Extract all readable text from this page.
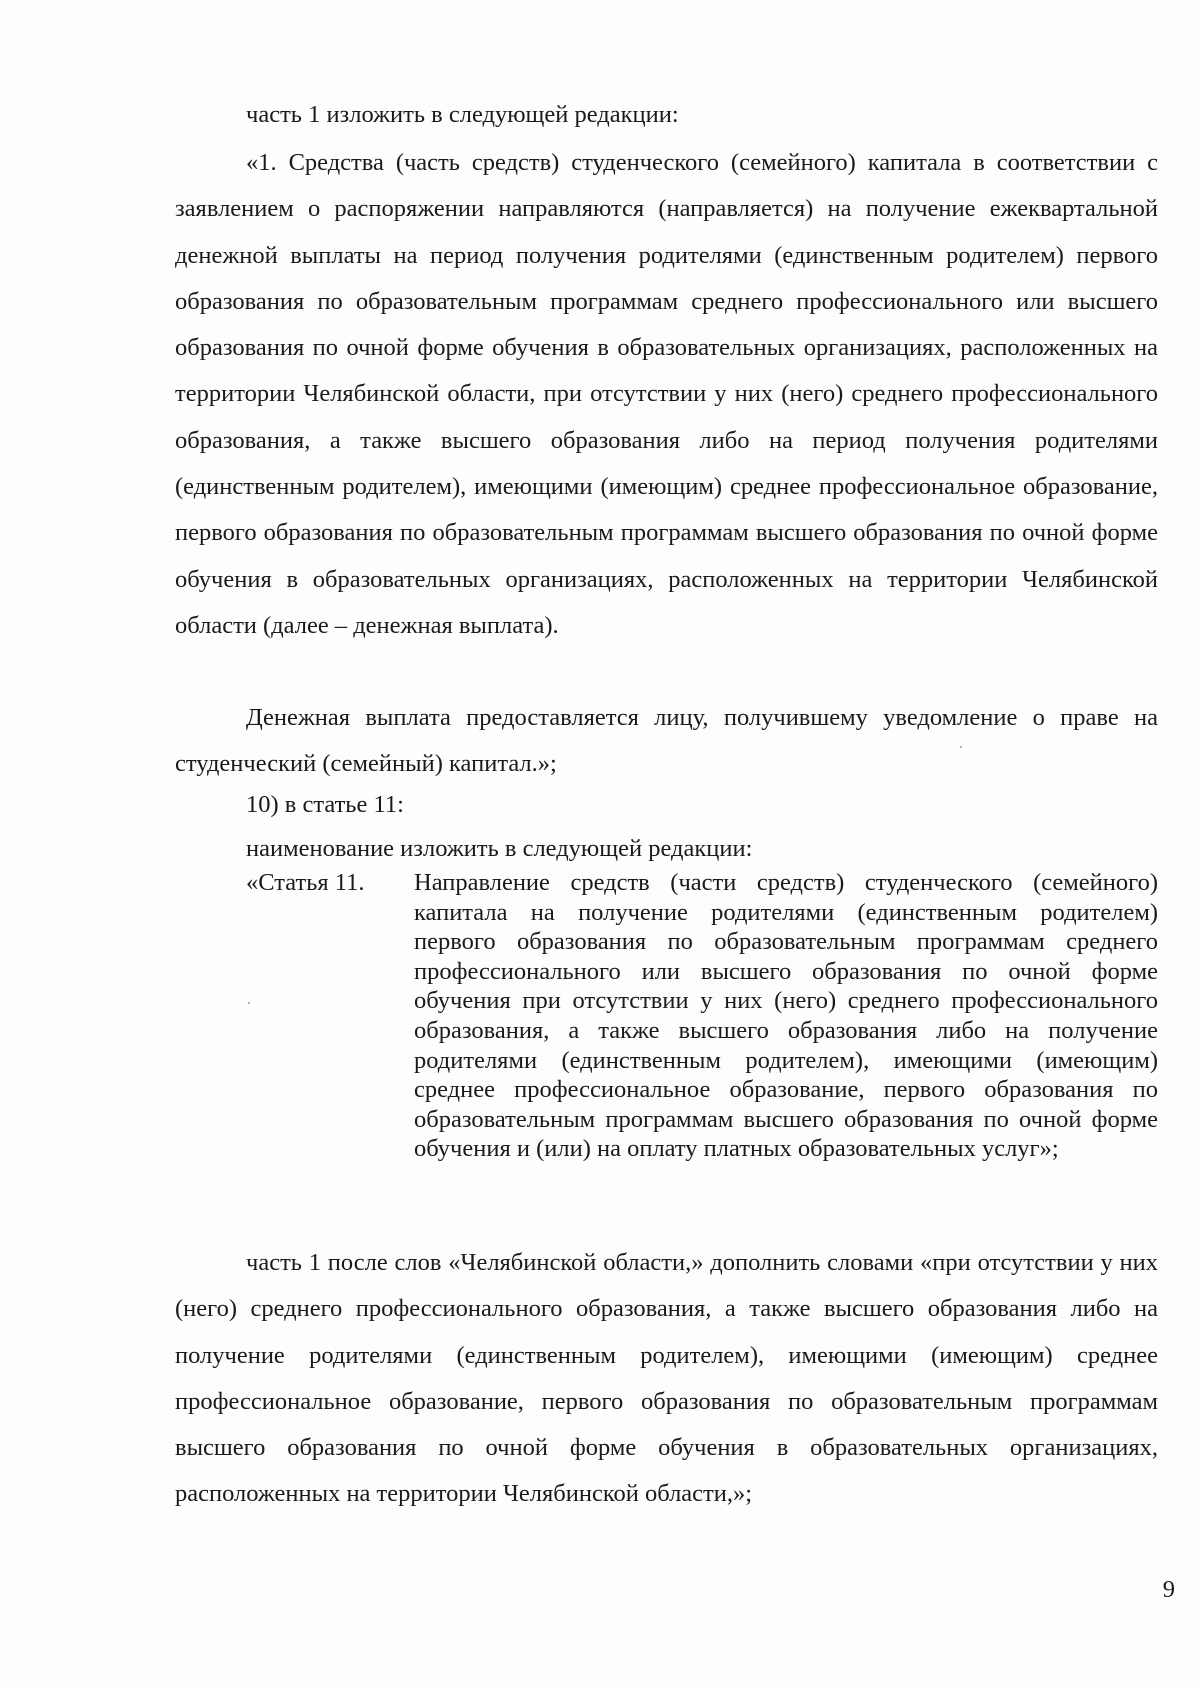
часть 1 изложить в следующей редакции:

«1. Средства (часть средств) студенческого (семейного) капитала в соответствии с заявлением о распоряжении направляются (направляется) на получение ежеквартальной денежной выплаты на период получения родителями (единственным родителем) первого образования по образовательным программам среднего профессионального или высшего образования по очной форме обучения в образовательных организациях, расположенных на территории Челябинской области, при отсутствии у них (него) среднего профессионального образования, а также высшего образования либо на период получения родителями (единственным родителем), имеющими (имеющим) среднее профессиональное образование, первого образования по образовательным программам высшего образования по очной форме обучения в образовательных организациях, расположенных на территории Челябинской области (далее – денежная выплата).

Денежная выплата предоставляется лицу, получившему уведомление о праве на студенческий (семейный) капитал.»;

10) в статье 11:

наименование изложить в следующей редакции:

«Статья 11. Направление средств (части средств) студенческого (семейного) капитала на получение родителями (единственным родителем) первого образования по образовательным программам среднего профессионального или высшего образования по очной форме обучения при отсутствии у них (него) среднего профессионального образования, а также высшего образования либо на получение родителями (единственным родителем), имеющими (имеющим) среднее профессиональное образование, первого образования по образовательным программам высшего образования по очной форме обучения и (или) на оплату платных образовательных услуг»;

часть 1 после слов «Челябинской области,» дополнить словами «при отсутствии у них (него) среднего профессионального образования, а также высшего образования либо на получение родителями (единственным родителем), имеющими (имеющим) среднее профессиональное образование, первого образования по образовательным программам высшего образования по очной форме обучения в образовательных организациях, расположенных на территории Челябинской области,»;

9
